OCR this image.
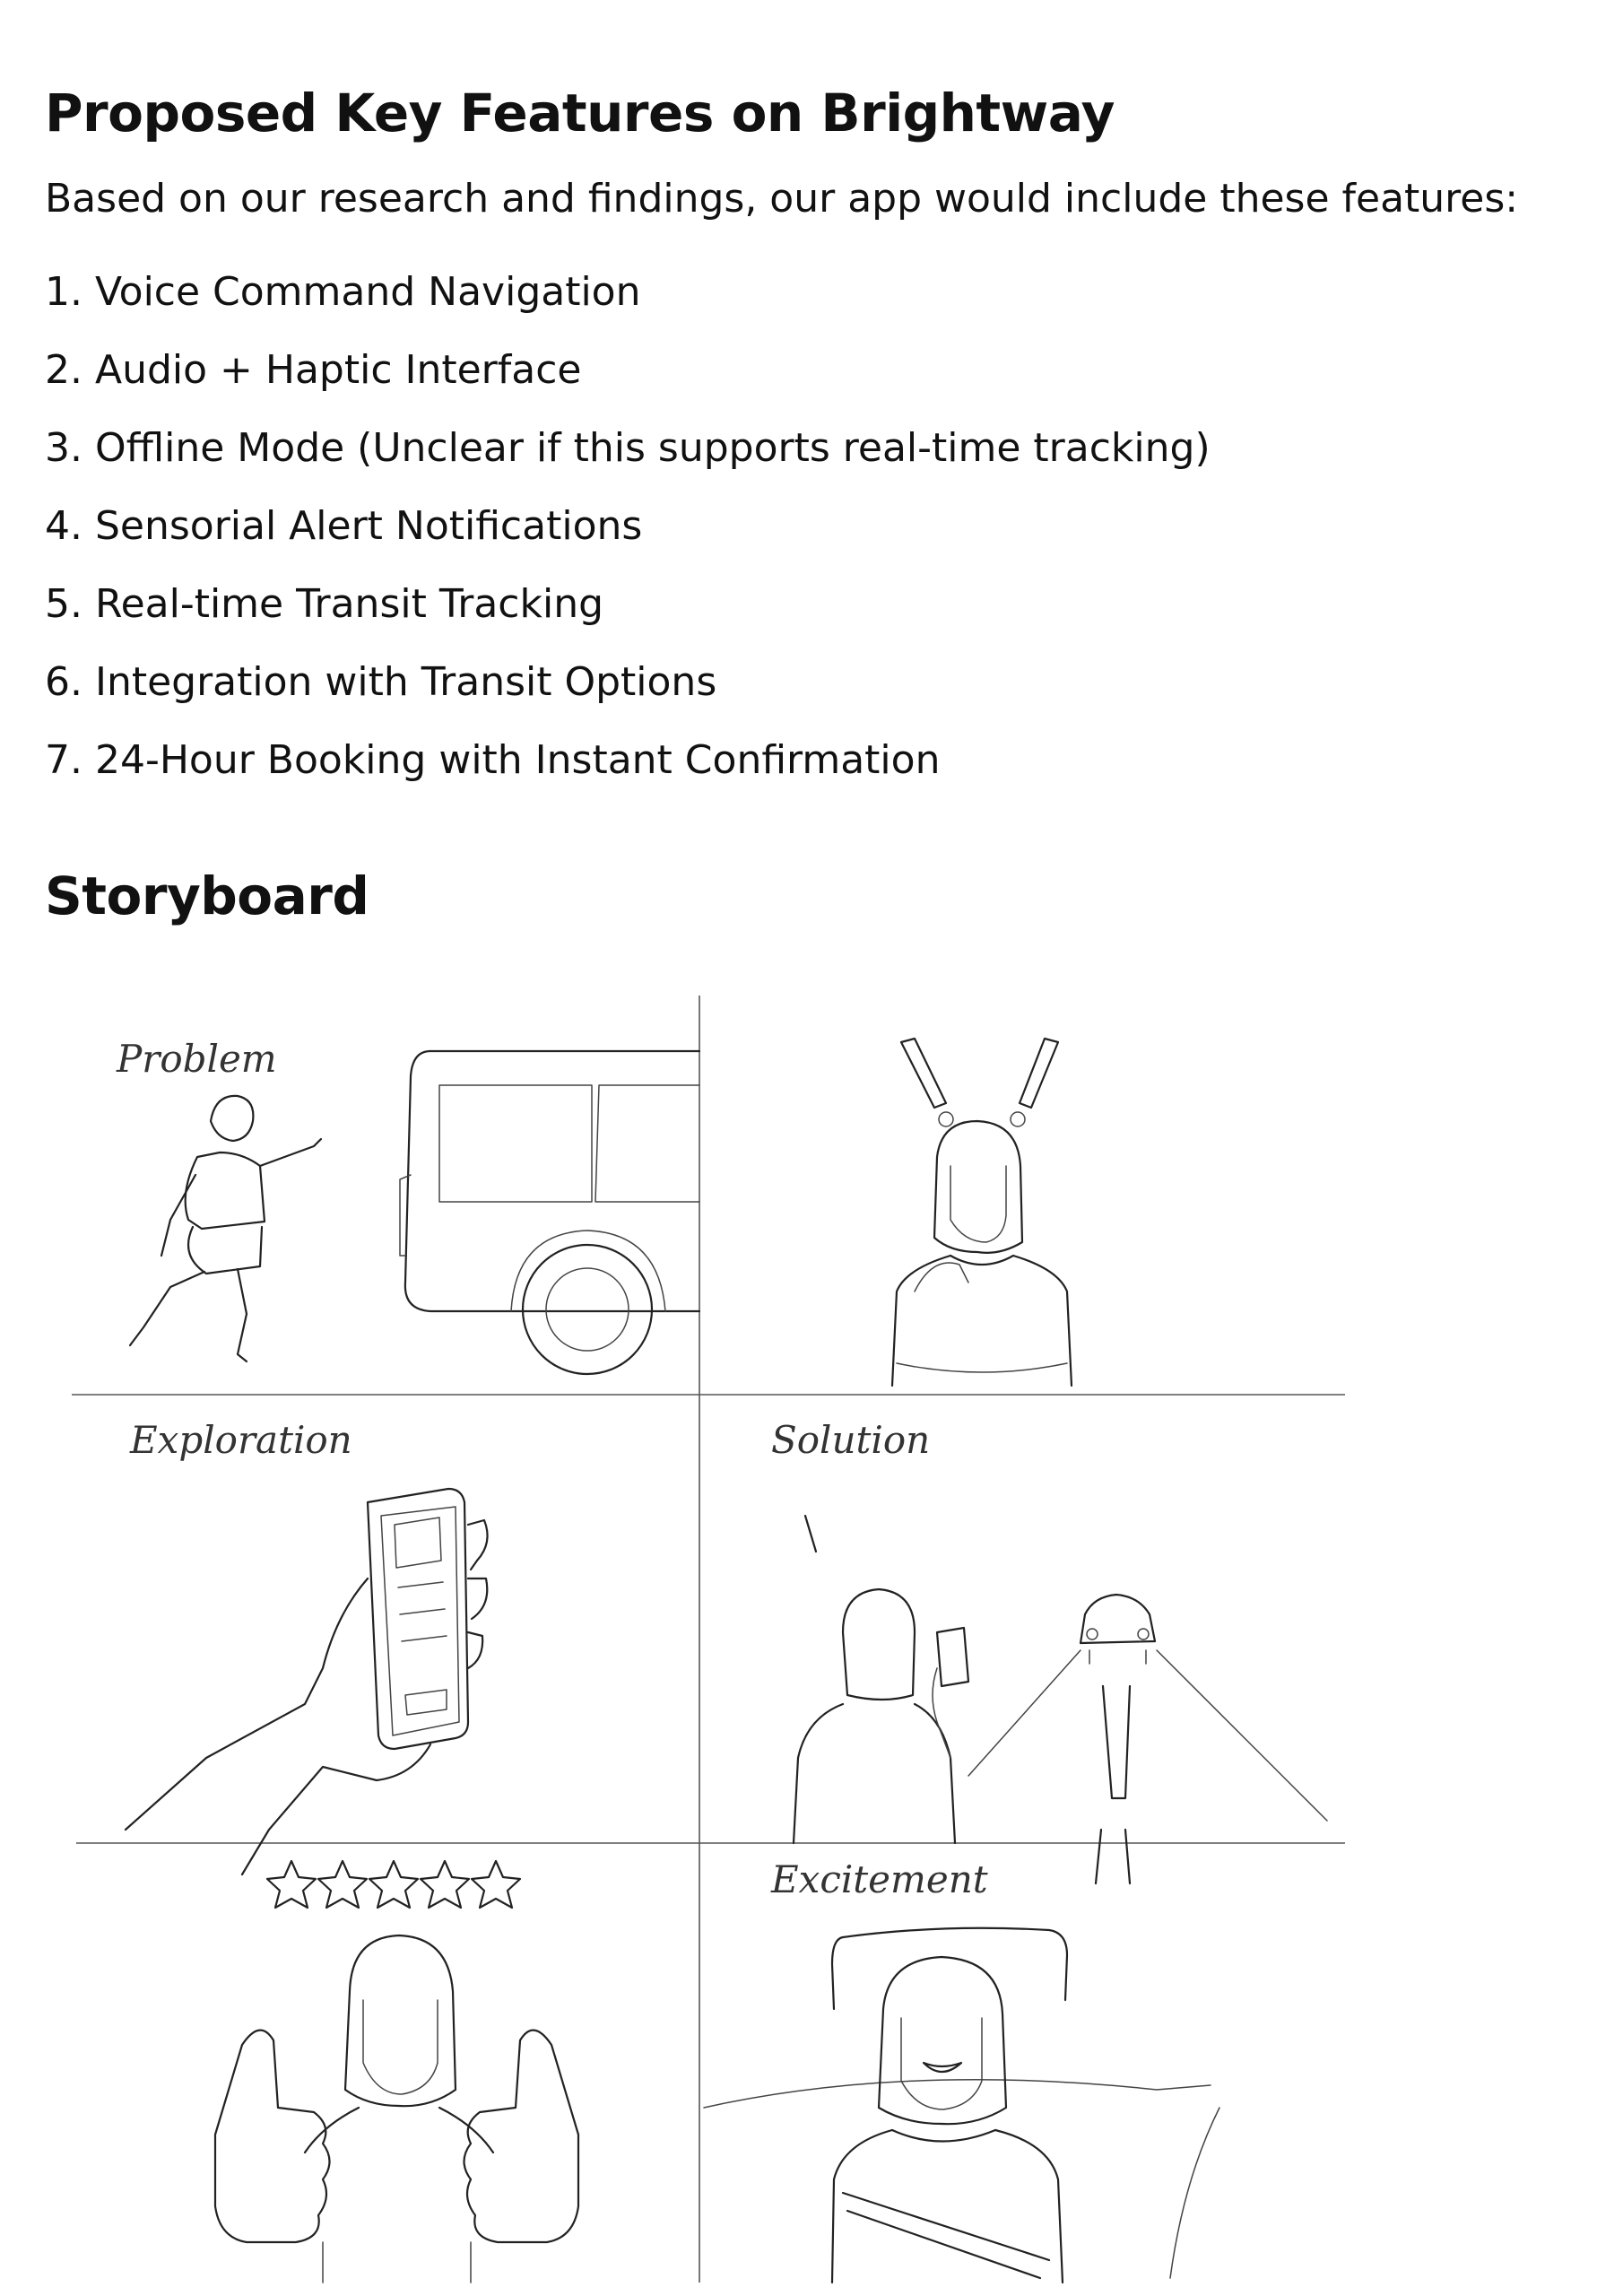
Proposed Key Features on Brightway

Based on our research and findings, our app would include these features:

1. Voice Command Navigation
2. Audio + Haptic Interface
3. Offline Mode (Unclear if this supports real-time tracking)
4. Sensorial Alert Notifications
5. Real-time Transit Tracking
6. Integration with Transit Options
7. 24-Hour Booking with Instant Confirmation
Storyboard
Problem
Exploration	Solution
Excitement
